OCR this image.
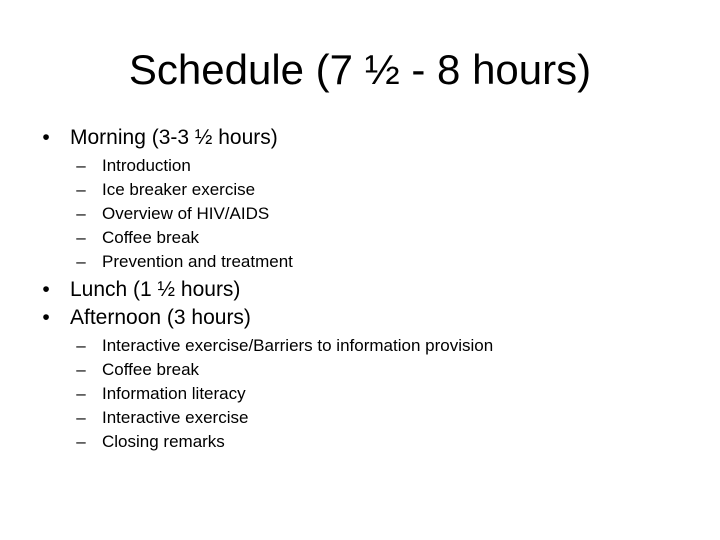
Schedule (7 ½ - 8 hours)
• Morning (3-3 ½ hours)
– Introduction
– Ice breaker exercise
– Overview of HIV/AIDS
– Coffee break
– Prevention and treatment
• Lunch (1 ½ hours)
• Afternoon (3 hours)
– Interactive exercise/Barriers to information provision
– Coffee break
– Information literacy
– Interactive exercise
– Closing remarks
